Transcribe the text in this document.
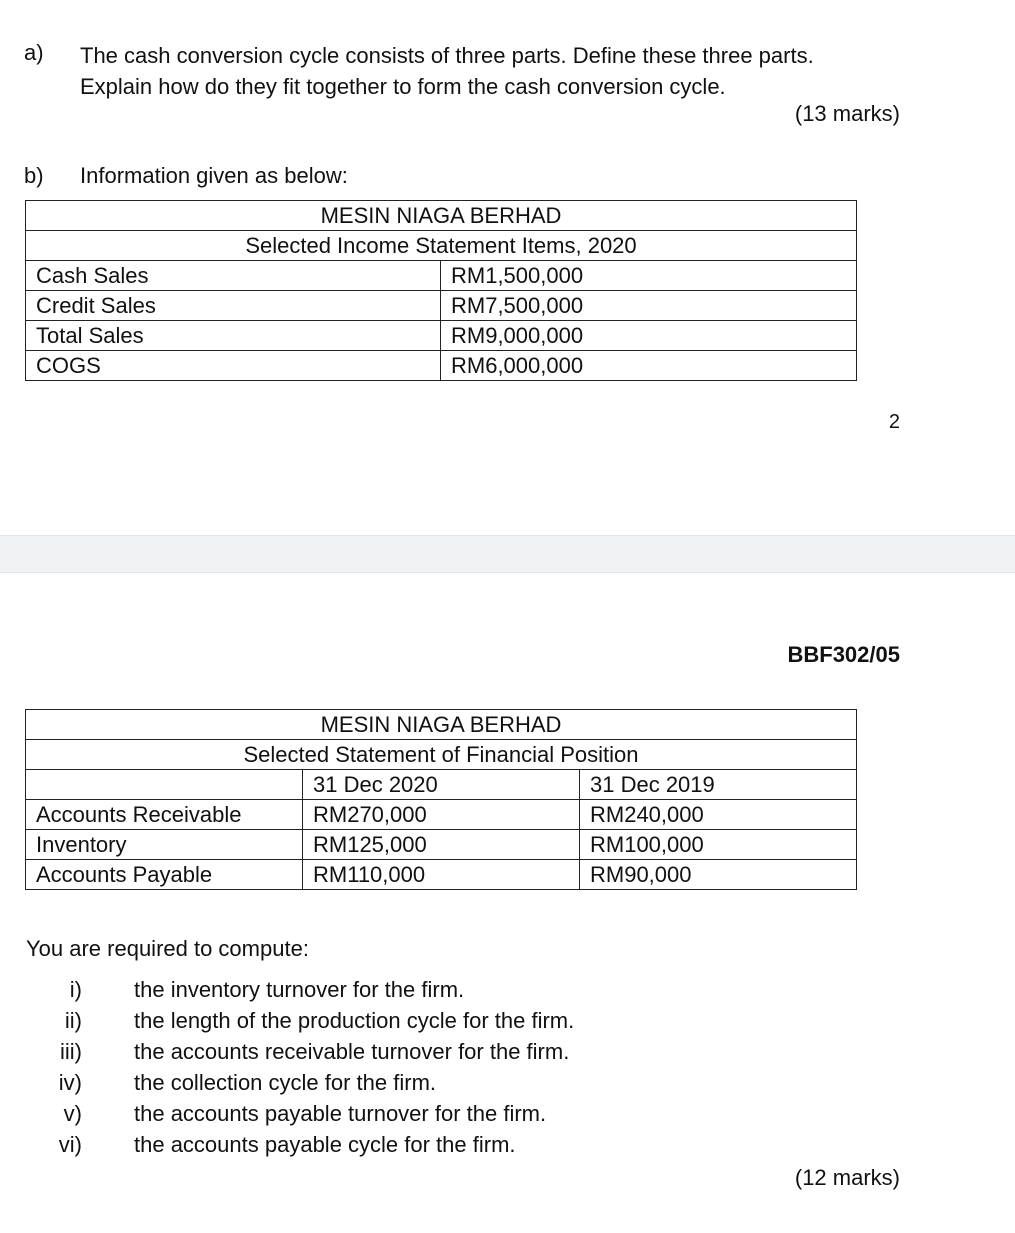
a) The cash conversion cycle consists of three parts. Define these three parts.
Explain how do they fit together to form the cash conversion cycle.
(13 marks)
b) Information given as below:
MESIN NIAGA BERHAD	
Selected Income Statement Items, 2020	
Cash Sales	RM1,500,000
Credit Sales	RM7,500,000
Total Sales	RM9,000,000
COGS	RM6,000,000
2
BBF302/05
MESIN NIAGA BERHAD		
Selected Statement of Financial Position		
	31 Dec 2020	31 Dec 2019
Accounts Receivable	RM270,000	RM240,000
Inventory	RM125,000	RM100,000
Accounts Payable	RM110,000	RM90,000
You are required to compute:
i) the inventory turnover for the firm.
ii) the length of the production cycle for the firm.
iii) the accounts receivable turnover for the firm.
iv) the collection cycle for the firm.
v) the accounts payable turnover for the firm.
vi) the accounts payable cycle for the firm.
(12 marks)
